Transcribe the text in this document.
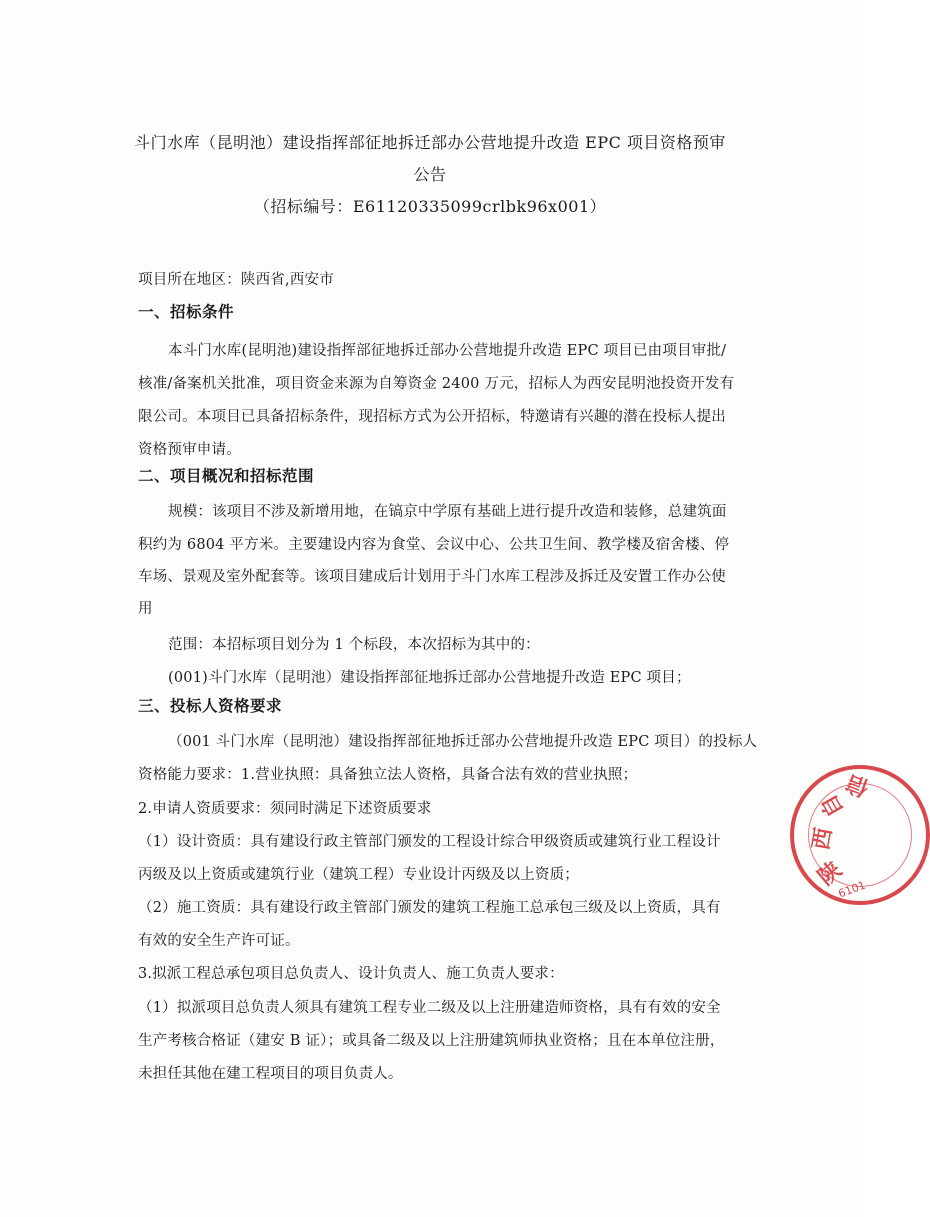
斗门水库（昆明池）建设指挥部征地拆迁部办公营地提升改造 EPC 项目资格预审
公告
（招标编号：E61120335099crlbk96x001）
项目所在地区：陕西省,西安市
一、招标条件
本斗门水库(昆明池)建设指挥部征地拆迁部办公营地提升改造 EPC 项目已由项目审批/
核准/备案机关批准，项目资金来源为自筹资金 2400 万元，招标人为西安昆明池投资开发有
限公司。本项目已具备招标条件，现招标方式为公开招标，特邀请有兴趣的潜在投标人提出
资格预审申请。
二、项目概况和招标范围
规模：该项目不涉及新增用地，在镐京中学原有基础上进行提升改造和装修，总建筑面
积约为 6804 平方米。主要建设内容为食堂、会议中心、公共卫生间、教学楼及宿舍楼、停
车场、景观及室外配套等。该项目建成后计划用于斗门水库工程涉及拆迁及安置工作办公使
用
范围：本招标项目划分为 1 个标段，本次招标为其中的：
(001)斗门水库（昆明池）建设指挥部征地拆迁部办公营地提升改造 EPC 项目；
三、投标人资格要求
（001 斗门水库（昆明池）建设指挥部征地拆迁部办公营地提升改造 EPC 项目）的投标人
资格能力要求：1.营业执照：具备独立法人资格，具备合法有效的营业执照；
2.申请人资质要求：须同时满足下述资质要求
（1）设计资质：具有建设行政主管部门颁发的工程设计综合甲级资质或建筑行业工程设计
丙级及以上资质或建筑行业（建筑工程）专业设计丙级及以上资质；
（2）施工资质：具有建设行政主管部门颁发的建筑工程施工总承包三级及以上资质，具有
有效的安全生产许可证。
3.拟派工程总承包项目总负责人、设计负责人、施工负责人要求：
（1）拟派项目总负责人须具有建筑工程专业二级及以上注册建造师资格，具有有效的安全
生产考核合格证（建安 B 证）；或具备二级及以上注册建筑师执业资格；且在本单位注册，
未担任其他在建工程项目的项目负责人。
陕
西
自
信
6101
